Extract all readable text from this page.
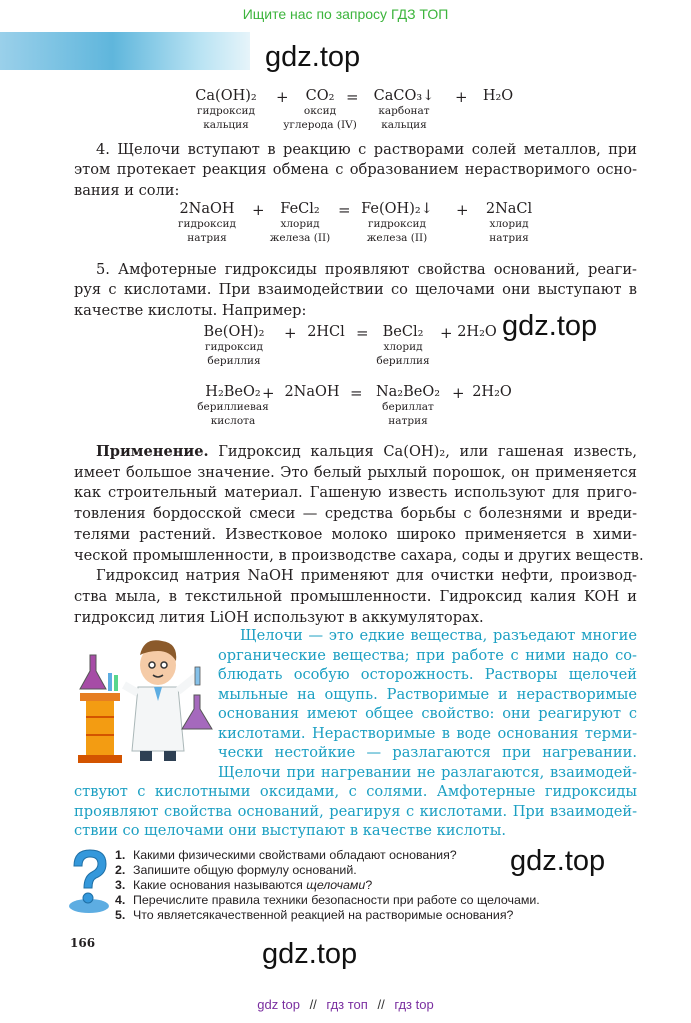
Ищите нас по запросу ГДЗ ТОП
gdz.top
gdz.top
gdz.top
gdz.top
Ca(OH)₂
гидроксид
кальция
+	CO₂
оксид
углерода (IV)
=	CaCO₃↓
карбонат
кальция
+	H₂O
4. Щелочи вступают в реакцию с растворами солей металлов, при
этом протекает реакция обмена с образованием нерастворимого осно-
вания и соли:
2NaOH
гидроксид
натрия
+	FeCl₂
хлорид
железа (II)
= Fe(OH)₂↓
гидроксид
железа (II)
+	2NaCl
хлорид
натрия
5. Амфотерные гидроксиды проявляют свойства оснований, реаги-
руя с кислотами. При взаимодействии со щелочами они выступают в
качестве кислоты. Например:
Be(OH)₂
гидроксид
бериллия
+ 2HCl = BeCl₂
хлорид
бериллия
+ 2H₂O
H₂BeO₂
бериллиевая
кислота
+ 2NaOH = Na₂BeO₂
бериллат
натрия
+ 2H₂O
Применение. Гидроксид кальция Ca(OH)₂, или гашеная известь,
имеет большое значение. Это белый рыхлый порошок, он применяется
как строительный материал. Гашеную известь используют для приго-
товления бордосской смеси — средства борьбы с болезнями и вреди-
телями растений. Известковое молоко широко применяется в хими-
ческой промышленности, в производстве сахара, соды и других веществ.
Гидроксид натрия NaOH применяют для очистки нефти, производ-
ства мыла, в текстильной промышленности. Гидроксид калия KOH и
гидроксид лития LiOH используют в аккумуляторах.
Щелочи — это едкие вещества, разъедают многие
органические вещества; при работе с ними надо со-
блюдать особую осторожность. Растворы щелочей
мыльные на ощупь. Растворимые и нерастворимые
основания имеют общее свойство: они реагируют с
кислотами. Нерастворимые в воде основания терми-
чески нестойкие — разлагаются при нагревании.
Щелочи при нагревании не разлагаются, взаимодей-
ствуют с кислотными оксидами, с солями. Амфотерные гидроксиды
проявляют свойства оснований, реагируя с кислотами. При взаимодей-
ствии со щелочами они выступают в качестве кислоты.
1. Какими физическими свойствами обладают основания?
2. Запишите общую формулу оснований.
3. Какие основания называются щелочами?
4. Перечислите правила техники безопасности при работе со щелочами.
5. Что являетсякачественной реакцией на растворимые основания?
166
gdz top // гдз топ // гдз top
